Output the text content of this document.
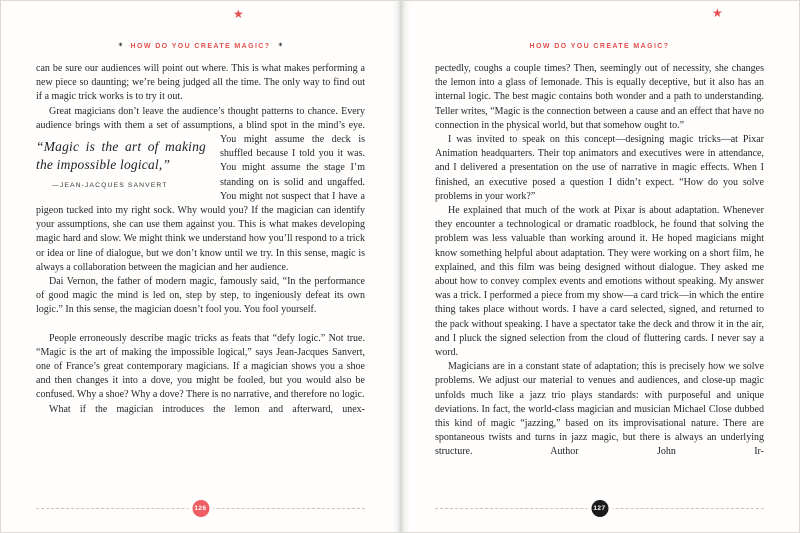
★
✶ HOW DO YOU CREATE MAGIC? ✶

can be sure our audiences will point out where. This is what makes performing a new piece so daunting; we’re being judged all the time. The only way to find out if a magic trick works is to try it out.

Great magicians don’t leave the audience’s thought patterns to chance. Every audience brings with them a set of assumptions, a blind
“Magic is the art of making the impossible logical,”
—JEAN-JACQUES SANVERT
spot in the mind’s eye. You might assume the deck is shuffled because I told you it was. You might assume the stage I’m standing on is solid and ungaffed. You might not suspect that I have a pigeon tucked into my right sock. Why would you? If the magician can identify your assumptions, she can use them against you. This is what makes developing magic hard and slow. We might think we understand how you’ll respond to a trick or idea or line of dialogue, but we don’t know until we try. In this sense, magic is always a collaboration between the magician and her audience.

Dai Vernon, the father of modern magic, famously said, “In the performance of good magic the mind is led on, step by step, to ingeniously defeat its own logic.” In this sense, the magician doesn’t fool you. You fool yourself.

People erroneously describe magic tricks as feats that “defy logic.” Not true. “Magic is the art of making the impossible logical,” says Jean-Jacques Sanvert, one of France’s great contemporary magicians. If a magician shows you a shoe and then changes it into a dove, you might be fooled, but you would also be confused. Why a shoe? Why a dove? There is no narrative, and therefore no logic.

What if the magician introduces the lemon and afterward, unex-

126
★
HOW DO YOU CREATE MAGIC?

pectedly, coughs a couple times? Then, seemingly out of necessity, she changes the lemon into a glass of lemonade. This is equally deceptive, but it also has an internal logic. The best magic contains both wonder and a path to understanding. Teller writes, “Magic is the connection between a cause and an effect that have no connection in the physical world, but that somehow ought to.”

I was invited to speak on this concept—designing magic tricks—at Pixar Animation headquarters. Their top animators and executives were in attendance, and I delivered a presentation on the use of narrative in magic effects. When I finished, an executive posed a question I didn’t expect. “How do you solve problems in your work?”

He explained that much of the work at Pixar is about adaptation. Whenever they encounter a technological or dramatic roadblock, he found that solving the problem was less valuable than working around it. He hoped magicians might know something helpful about adaptation. They were working on a short film, he explained, and this film was being designed without dialogue. They asked me about how to convey complex events and emotions without speaking. My answer was a trick. I performed a piece from my show—a card trick—in which the entire thing takes place without words. I have a card selected, signed, and returned to the pack without speaking. I have a spectator take the deck and throw it in the air, and I pluck the signed selection from the cloud of fluttering cards. I never say a word.

Magicians are in a constant state of adaptation; this is precisely how we solve problems. We adjust our material to venues and audiences, and close-up magic unfolds much like a jazz trio plays standards: with purposeful and unique deviations. In fact, the world-class magician and musician Michael Close dubbed this kind of magic “jazzing,” based on its improvisational nature. There are spontaneous twists and turns in jazz magic, but there is always an underlying structure. Author John Ir-

127
